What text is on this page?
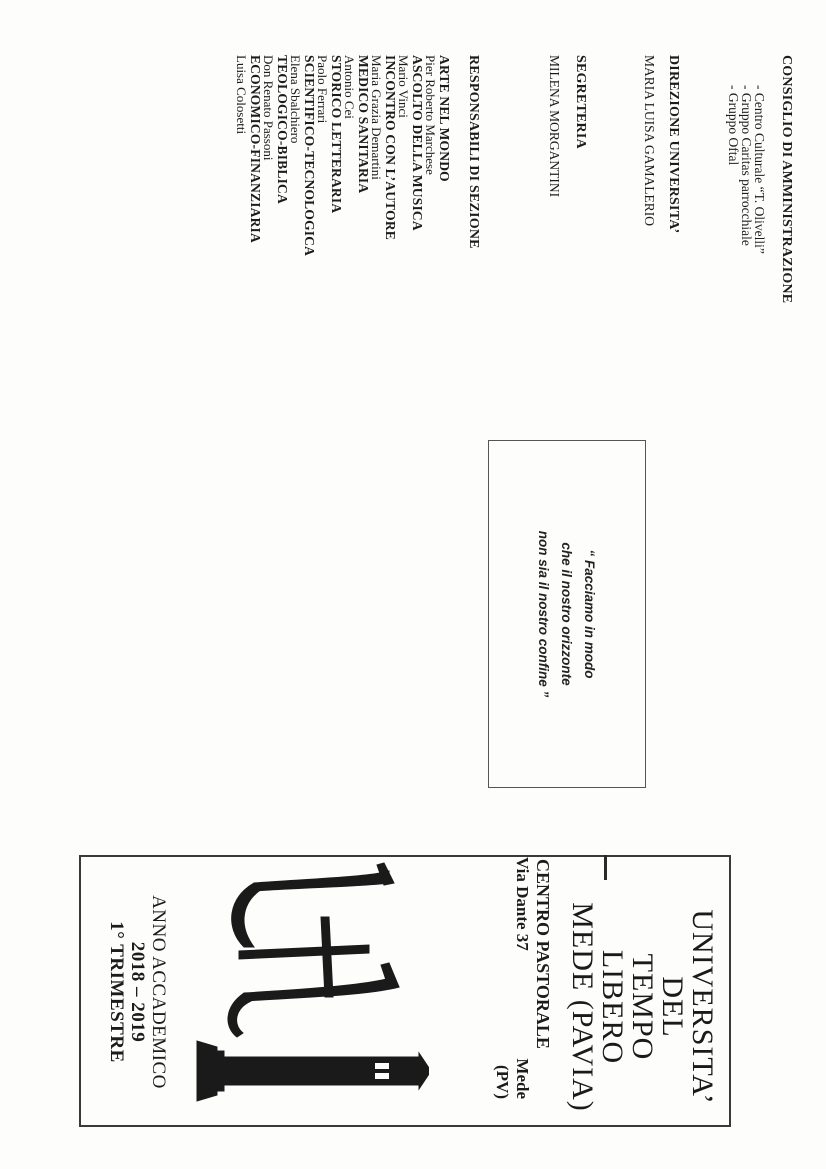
CONSIGLIO DI AMMINISTRAZIONE
- Centro Culturale “T. Olivelli”
- Gruppo Caritas parrocchiale
- Gruppo Oftal
DIREZIONE UNIVERSITA’
MARIA LUISA GAMALERIO
SEGRETERIA
MILENA MORGANTINI
RESPONSABILI DI SEZIONE
ARTE NEL MONDO
Pier Roberto Marchese
ASCOLTO DELLA MUSICA
Mario Vinci
INCONTRO CON L’AUTORE
Maria Grazia Demartini
MEDICO SANITARIA
Antonio Cei
STORICO LETTERARIA
Paolo Ferrari
SCIENTIFICO-TECNOLOGICA
Elena Sbalchiero
TEOLOGICO-BIBLICA
Don Renato Passoni
ECONOMICO-FINANZIARIA
Luisa Colosetti
“ Facciamo in modo
che il nostro orizzonte
non sia il nostro confine ”
UNIVERSITA’
DEL
TEMPO
LIBERO
MEDE (PAVIA)
CENTRO PASTORALE
Via Dante 37
Mede
(PV)
ANNO ACCADEMICO
2018 – 2019
1° TRIMESTRE
